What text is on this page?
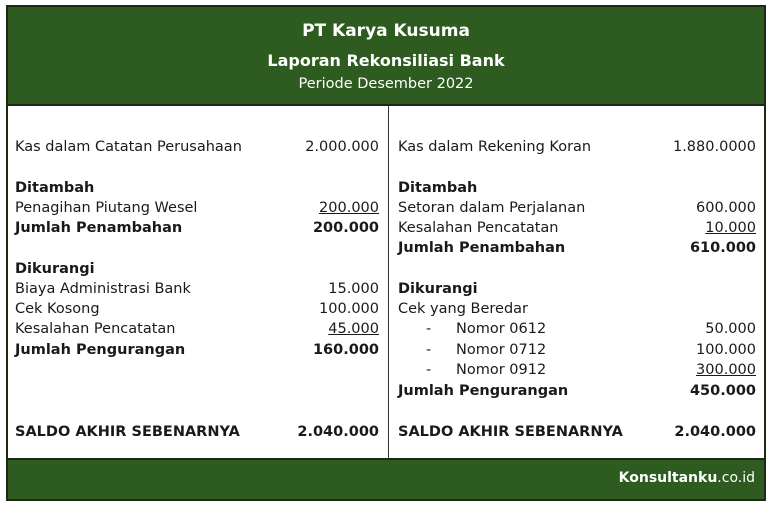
PT Karya Kusuma
Laporan Rekonsiliasi Bank
Periode Desember 2022
Kas dalam Catatan Perusahaan	2.000.000
Ditambah
Penagihan Piutang Wesel	200.000
Jumlah Penambahan	200.000
Dikurangi
Biaya Administrasi Bank	15.000
Cek Kosong	100.000
Kesalahan Pencatatan	45.000
Jumlah Pengurangan	160.000
SALDO AKHIR SEBENARNYA	2.040.000
Kas dalam Rekening Koran	1.880.0000
Ditambah
Setoran dalam Perjalanan	600.000
Kesalahan Pencatatan	10.000
Jumlah Penambahan	610.000
Dikurangi
Cek yang Beredar
- Nomor 0612	50.000
- Nomor 0712	100.000
- Nomor 0912	300.000
Jumlah Pengurangan	450.000
SALDO AKHIR SEBENARNYA	2.040.000
Konsultanku.co.id
